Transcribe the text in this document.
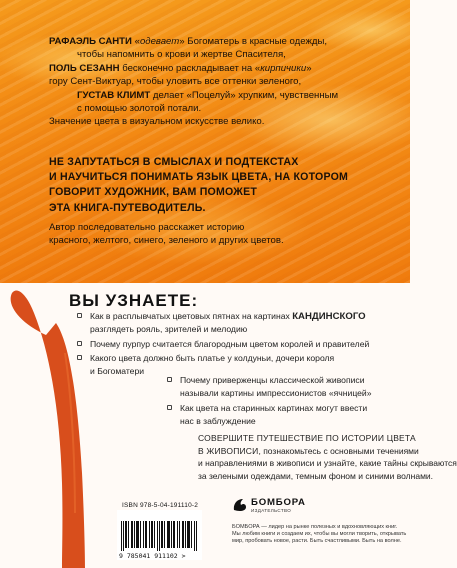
РАФАЭЛЬ САНТИ «одевает» Богоматерь в красные одежды,
чтобы напомнить о крови и жертве Спасителя,
ПОЛЬ СЕЗАНН бесконечно раскладывает на «кирпичики»
гору Сент-Виктуар, чтобы уловить все оттенки зеленого,
ГУСТАВ КЛИМТ делает «Поцелуй» хрупким, чувственным
с помощью золотой потали.
Значение цвета в визуальном искусстве велико.

НЕ ЗАПУТАТЬСЯ В СМЫСЛАХ И ПОДТЕКСТАХ
И НАУЧИТЬСЯ ПОНИМАТЬ ЯЗЫК ЦВЕТА, НА КОТОРОМ
ГОВОРИТ ХУДОЖНИК, ВАМ ПОМОЖЕТ
ЭТА КНИГА-ПУТЕВОДИТЕЛЬ.

Автор последовательно расскажет историю
красного, желтого, синего, зеленого и других цветов.

ВЫ УЗНАЕТЕ:
Как в расплывчатых цветовых пятнах на картинах КАНДИНСКОГО
разглядеть рояль, зрителей и мелодию
Почему пурпур считается благородным цветом королей и правителей
Какого цвета должно быть платье у колдуньи, дочери короля
и Богоматери
Почему приверженцы классической живописи
называли картины импрессионистов «ячницей»
Как цвета на старинных картинах могут ввести
нас в заблуждение

СОВЕРШИТЕ ПУТЕШЕСТВИЕ ПО ИСТОРИИ ЦВЕТА
В ЖИВОПИСИ, познакомьтесь с основными течениями
и направлениями в живописи и узнайте, какие тайны скрываются
за зелеными одеждами, темным фоном и синими волнами.

ISBN 978-5-04-191110-2
9 785041 911102 >
БОМБОРА
ИЗДАТЕЛЬСТВО

БОМБОРА — лидер на рынке полезных и вдохновляющих книг.
Мы любим книги и создаем их, чтобы вы могли творить, открывать
мир, пробовать новое, расти. Быть счастливыми. Быть на волне.
